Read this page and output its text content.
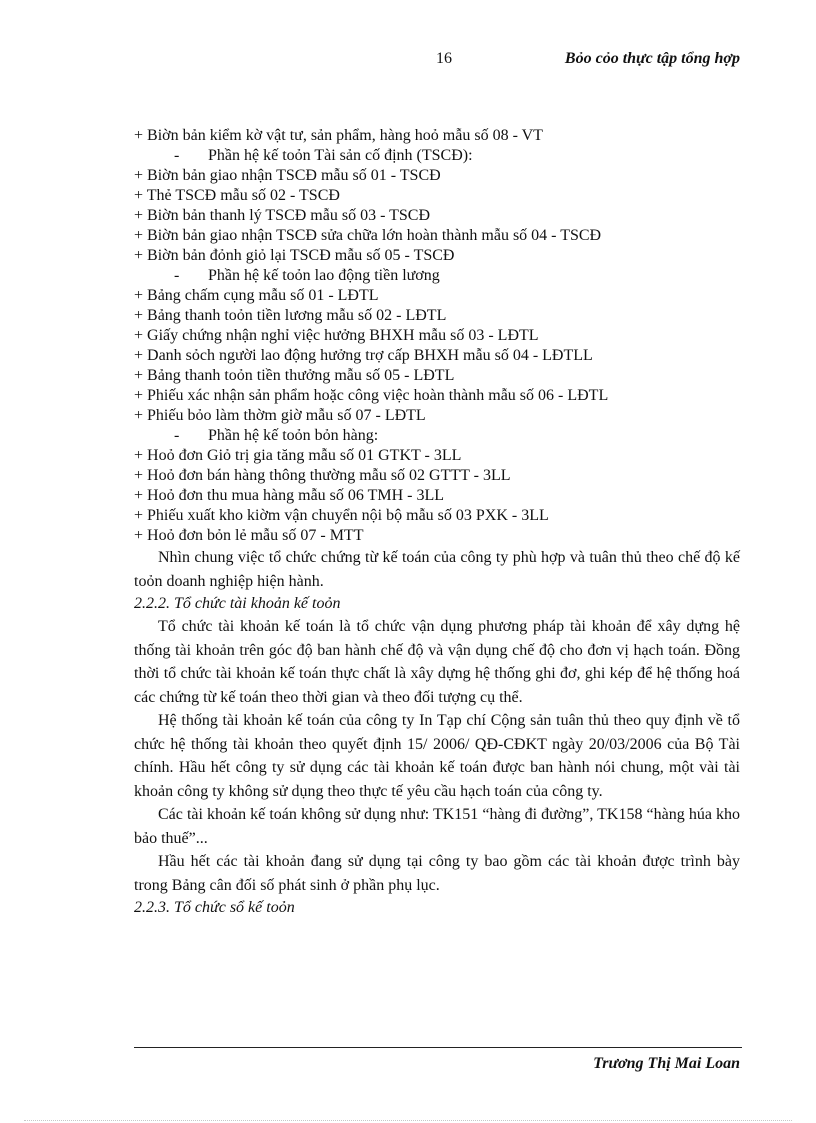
16	Bỏo cỏo thực tập tổng hợp
+ Biờn bản kiểm kờ vật tư, sản phẩm, hàng hoỏ mẫu số 08 - VT
- Phần hệ kế toỏn Tài sản cố định (TSCĐ):
+ Biờn bản giao nhận TSCĐ mẫu số 01 - TSCĐ
+ Thẻ TSCĐ mẫu số 02 - TSCĐ
+ Biờn bản thanh lý TSCĐ mẫu số 03 - TSCĐ
+ Biờn bản giao nhận TSCĐ sửa chữa lớn hoàn thành mẫu số 04 - TSCĐ
+ Biờn bản đỏnh giỏ lại TSCĐ mẫu số 05 - TSCĐ
- Phần hệ kế toỏn lao động tiền lương
+ Bảng chấm cụng mẫu số 01 - LĐTL
+ Bảng thanh toỏn tiền lương mẫu số 02 - LĐTL
+ Giấy chứng nhận nghỉ việc hưởng BHXH mẫu số 03 - LĐTL
+ Danh sỏch người lao động hưởng trợ cấp BHXH mẫu số 04 - LĐTLL
+ Bảng thanh toỏn tiền thưởng mẫu số 05 - LĐTL
+ Phiếu xác nhận sản phẩm hoặc công việc hoàn thành mẫu số 06 - LĐTL
+ Phiếu bỏo làm thờm giờ mẫu số 07 - LĐTL
- Phần hệ kế toỏn bỏn hàng:
+ Hoỏ đơn Giỏ trị gia tăng mẫu số 01 GTKT - 3LL
+ Hoỏ đơn bán hàng thông thường mẫu số 02 GTTT - 3LL
+ Hoỏ đơn thu mua hàng mẫu số 06 TMH - 3LL
+ Phiếu xuất kho kiờm vận chuyển nội bộ mẫu số 03 PXK - 3LL
+ Hoỏ đơn bỏn lẻ mẫu số 07 - MTT

Nhìn chung việc tổ chức chứng từ kế toán của công ty phù hợp và tuân thủ theo chế độ kế toỏn doanh nghiệp hiện hành.

2.2.2. Tổ chức tài khoản kế toỏn

Tổ chức tài khoản kế toán là tổ chức vận dụng phương pháp tài khoản để xây dựng hệ thống tài khoản trên góc độ ban hành chế độ và vận dụng chế độ cho đơn vị hạch toán. Đồng thời tổ chức tài khoản kế toán thực chất là xây dựng hệ thống ghi đơ, ghi kép để hệ thống hoá các chứng từ kế toán theo thời gian và theo đối tượng cụ thể.

Hệ thống tài khoản kế toán của công ty In Tạp chí Cộng sản tuân thủ theo quy định về tổ chức hệ thống tài khoản theo quyết định 15/ 2006/ QĐ-CĐKT ngày 20/03/2006 của Bộ Tài chính. Hầu hết công ty sử dụng các tài khoản kế toán được ban hành nói chung, một vài tài khoản công ty không sử dụng theo thực tế yêu cầu hạch toán của công ty.

Các tài khoản kế toán không sử dụng như: TK151 “hàng đi đường”, TK158 “hàng húa kho bảo thuế”...

Hầu hết các tài khoản đang sử dụng tại công ty bao gồm các tài khoản được trình bày trong Bảng cân đối số phát sinh ở phần phụ lục.

2.2.3. Tổ chức sổ kế toỏn
Trương Thị Mai Loan
